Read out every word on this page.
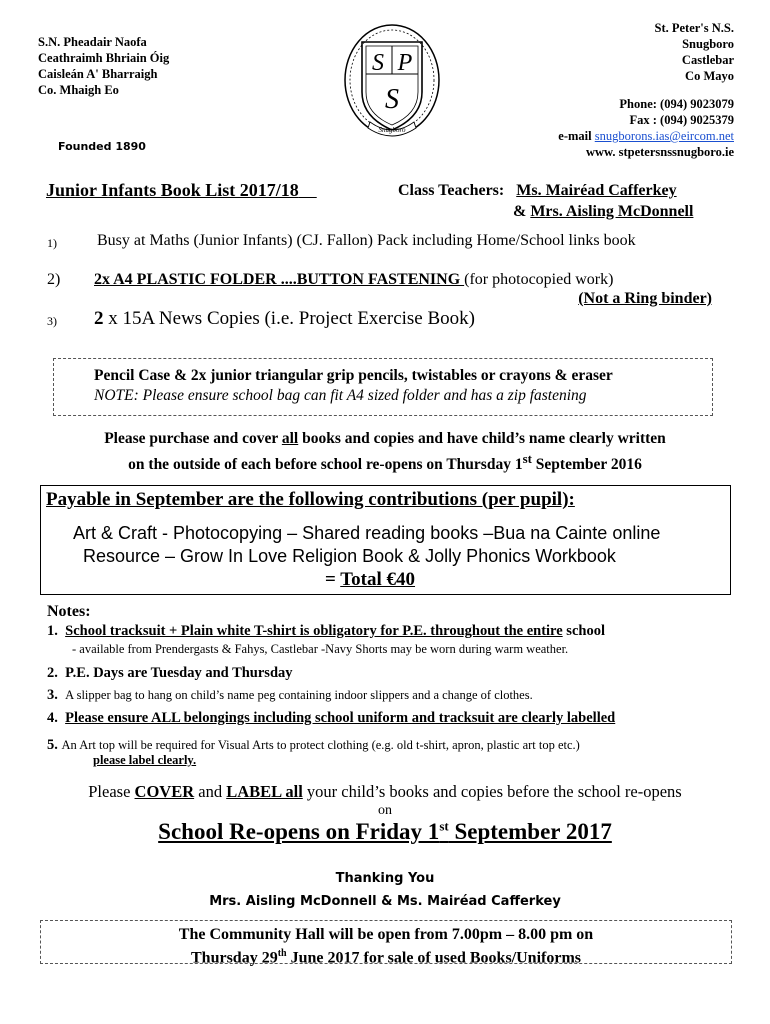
S.N. Pheadair Naofa
Ceathraimh Bhriain Óig
Caisleán A' Bharraigh
Co. Mhaigh Eo
Founded 1890
S P
S
Snugboro
St. Peter's N.S.
Snugboro
Castlebar
Co Mayo
Phone: (094) 9023079
Fax : (094) 9025379
e-mail snugborons.ias@eircom.net
www. stpetersnssnugboro.ie
Junior Infants Book List 2017/18	Class Teachers: Ms. Mairéad Cafferkey
& Mrs. Aisling McDonnell
1)	Busy at Maths (Junior Infants) (CJ. Fallon) Pack including Home/School links book
2) 2x A4 PLASTIC FOLDER ....BUTTON FASTENING (for photocopied work)
(Not a Ring binder)
3) 2 x 15A News Copies (i.e. Project Exercise Book)
Pencil Case & 2x junior triangular grip pencils, twistables or crayons & eraser
NOTE: Please ensure school bag can fit A4 sized folder and has a zip fastening
Please purchase and cover all books and copies and have child’s name clearly written
on the outside of each before school re-opens on Thursday 1st September 2016
Payable in September are the following contributions (per pupil):
Art & Craft - Photocopying – Shared reading books –Bua na Cainte online
Resource – Grow In Love Religion Book & Jolly Phonics Workbook
= Total €40
Notes:
1. School tracksuit + Plain white T-shirt is obligatory for P.E. throughout the entire school
- available from Prendergasts & Fahys, Castlebar -Navy Shorts may be worn during warm weather.
2. P.E. Days are Tuesday and Thursday
3. A slipper bag to hang on child’s name peg containing indoor slippers and a change of clothes.
4. Please ensure ALL belongings including school uniform and tracksuit are clearly labelled
5. An Art top will be required for Visual Arts to protect clothing (e.g. old t-shirt, apron, plastic art top etc.)
please label clearly.
Please COVER and LABEL all your child’s books and copies before the school re-opens
on
School Re-opens on Friday 1st September 2017
Thanking You
Mrs. Aisling McDonnell & Ms. Mairéad Cafferkey
The Community Hall will be open from 7.00pm – 8.00 pm on
Thursday 29th June 2017 for sale of used Books/Uniforms
